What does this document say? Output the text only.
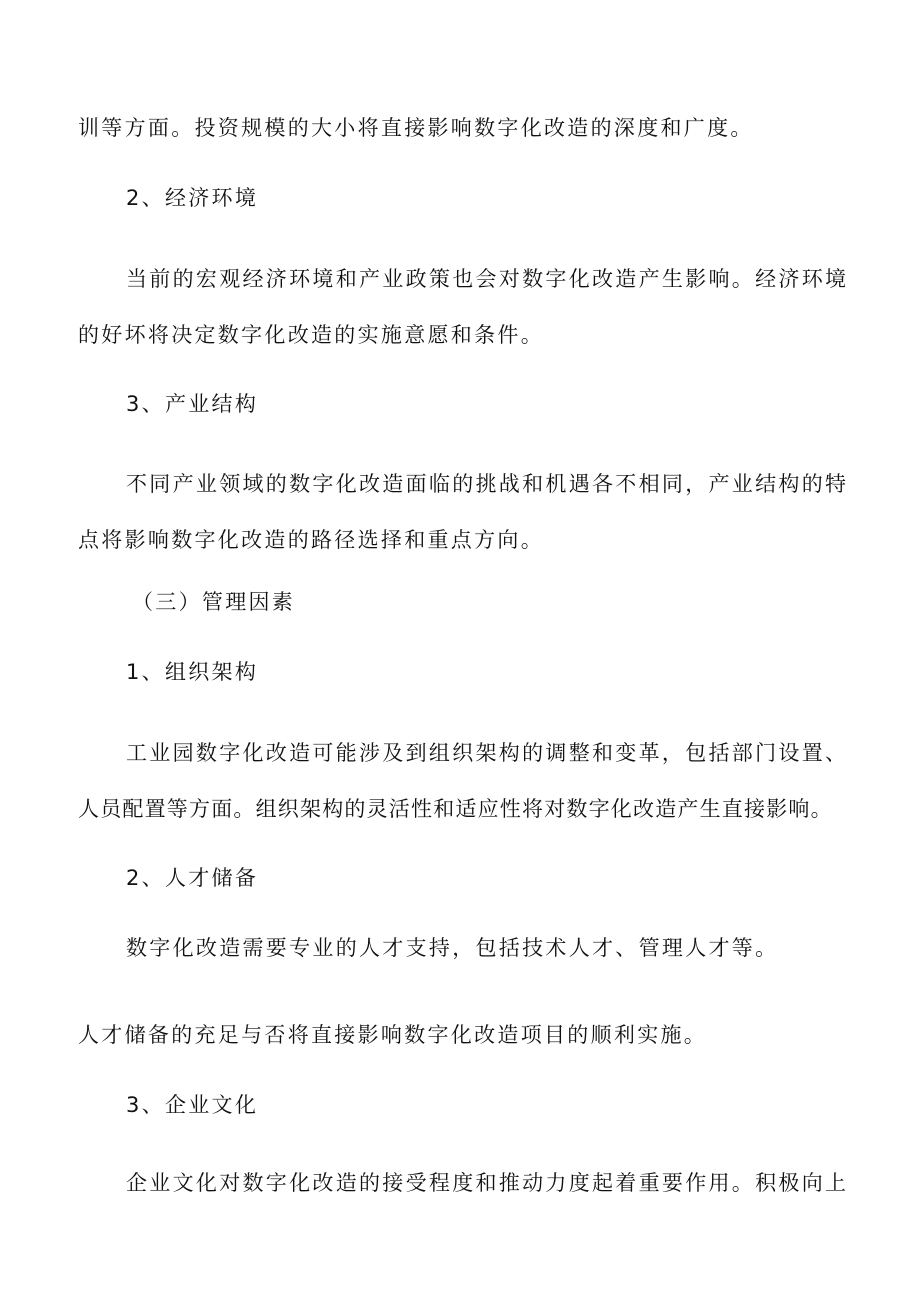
训等方面。投资规模的大小将直接影响数字化改造的深度和广度。
2、经济环境
当前的宏观经济环境和产业政策也会对数字化改造产生影响。经济环境
的好坏将决定数字化改造的实施意愿和条件。
3、产业结构
不同产业领域的数字化改造面临的挑战和机遇各不相同，产业结构的特
点将影响数字化改造的路径选择和重点方向。
（三）管理因素
1、组织架构
工业园数字化改造可能涉及到组织架构的调整和变革，包括部门设置、
人员配置等方面。组织架构的灵活性和适应性将对数字化改造产生直接影响。
2、人才储备
数字化改造需要专业的人才支持，包括技术人才、管理人才等。
人才储备的充足与否将直接影响数字化改造项目的顺利实施。
3、企业文化
企业文化对数字化改造的接受程度和推动力度起着重要作用。积极向上
